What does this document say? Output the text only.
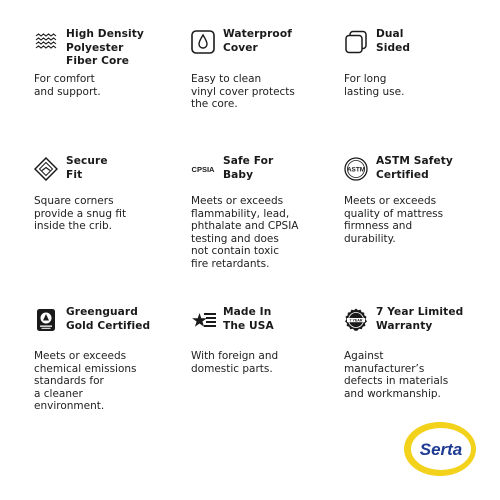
High Density
Polyester
Fiber Core
For comfort
and support.
Waterproof
Cover
Easy to clean
vinyl cover protects
the core.
Dual
Sided
For long
lasting use.
Secure
Fit
Square corners
provide a snug fit
inside the crib.
CPSIA
Safe For
Baby
Meets or exceeds
flammability, lead,
phthalate and CPSIA
testing and does
not contain toxic
fire retardants.
ASTM
ASTM Safety
Certified
Meets or exceeds
quality of mattress
firmness and
durability.
Greenguard
Gold Certified
Meets or exceeds
chemical emissions
standards for
a cleaner
environment.
Made In
The USA
With foreign and
domestic parts.
7 YEAR
7 Year Limited
Warranty
Against
manufacturer’s
defects in materials
and workmanship.
Serta
